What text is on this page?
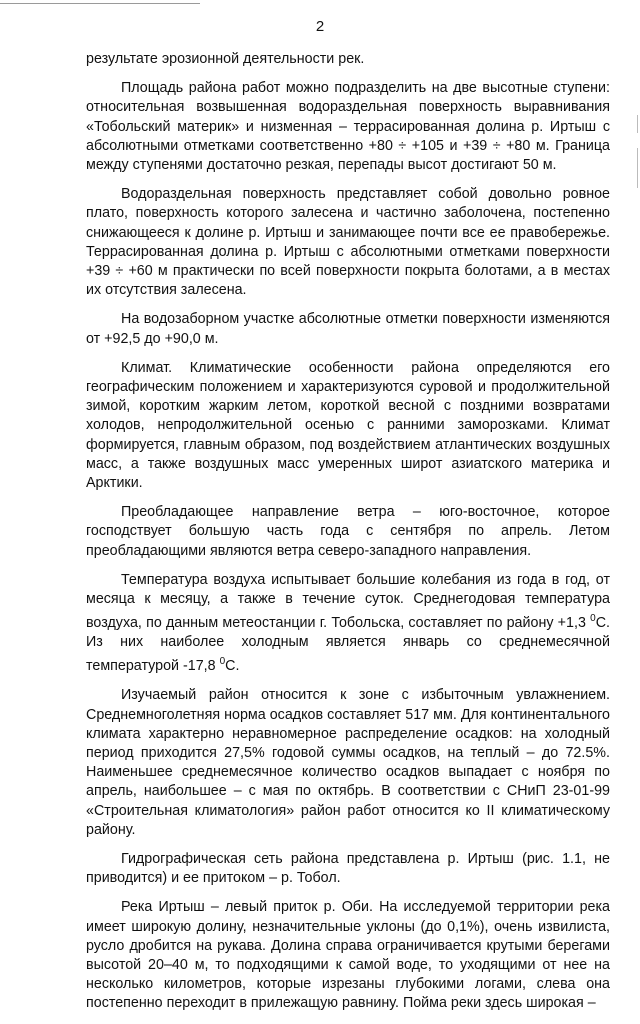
2

результате эрозионной деятельности рек.

Площадь района работ можно подразделить на две высотные ступени: относительная возвышенная водораздельная поверхность выравнивания «Тобольский материк» и низменная – террасированная долина р. Иртыш с абсолютными отметками соответственно +80 ÷ +105 и +39 ÷ +80 м. Граница между ступенями достаточно резкая, перепады высот достигают 50 м.

Водораздельная поверхность представляет собой довольно ровное плато, поверхность которого залесена и частично заболочена, постепенно снижающееся к долине р. Иртыш и занимающее почти все ее правобережье. Террасированная долина р. Иртыш с абсолютными отметками поверхности +39 ÷ +60 м практически по всей поверхности покрыта болотами, а в местах их отсутствия залесена.

На водозаборном участке абсолютные отметки поверхности изменяются от +92,5 до +90,0 м.

Климат. Климатические особенности района определяются его географическим положением и характеризуются суровой и продолжительной зимой, коротким жарким летом, короткой весной с поздними возвратами холодов, непродолжительной осенью с ранними заморозками. Климат формируется, главным образом, под воздействием атлантических воздушных масс, а также воздушных масс умеренных широт азиатского материка и Арктики.

Преобладающее направление ветра – юго-восточное, которое господствует большую часть года с сентября по апрель. Летом преобладающими являются ветра северо-западного направления.

Температура воздуха испытывает большие колебания из года в год, от месяца к месяцу, а также в течение суток. Среднегодовая температура воздуха, по данным метеостанции г. Тобольска, составляет по району +1,3 $^0$С. Из них наиболее холодным является январь со среднемесячной температурой -17,8 $^0$С.

Изучаемый район относится к зоне с избыточным увлажнением. Среднемноголетняя норма осадков составляет 517 мм. Для континентального климата характерно неравномерное распределение осадков: на холодный период приходится 27,5% годовой суммы осадков, на теплый – до 72.5%. Наименьшее среднемесячное количество осадков выпадает с ноября по апрель, наибольшее – с мая по октябрь. В соответствии с СНиП 23-01-99 «Строительная климатология» район работ относится ко II климатическому району.

Гидрографическая сеть района представлена р. Иртыш (рис. 1.1, не приводится) и ее притоком – р. Тобол.

Река Иртыш – левый приток р. Оби. На исследуемой территории река имеет широкую долину, незначительные уклоны (до 0,1%), очень извилиста, русло дробится на рукава. Долина справа ограничивается крутыми берегами высотой 20–40 м, то подходящими к самой воде, то уходящими от нее на несколько километров, которые изрезаны глубокими логами, слева она постепенно переходит в прилежащую равнину. Пойма реки здесь широкая –
